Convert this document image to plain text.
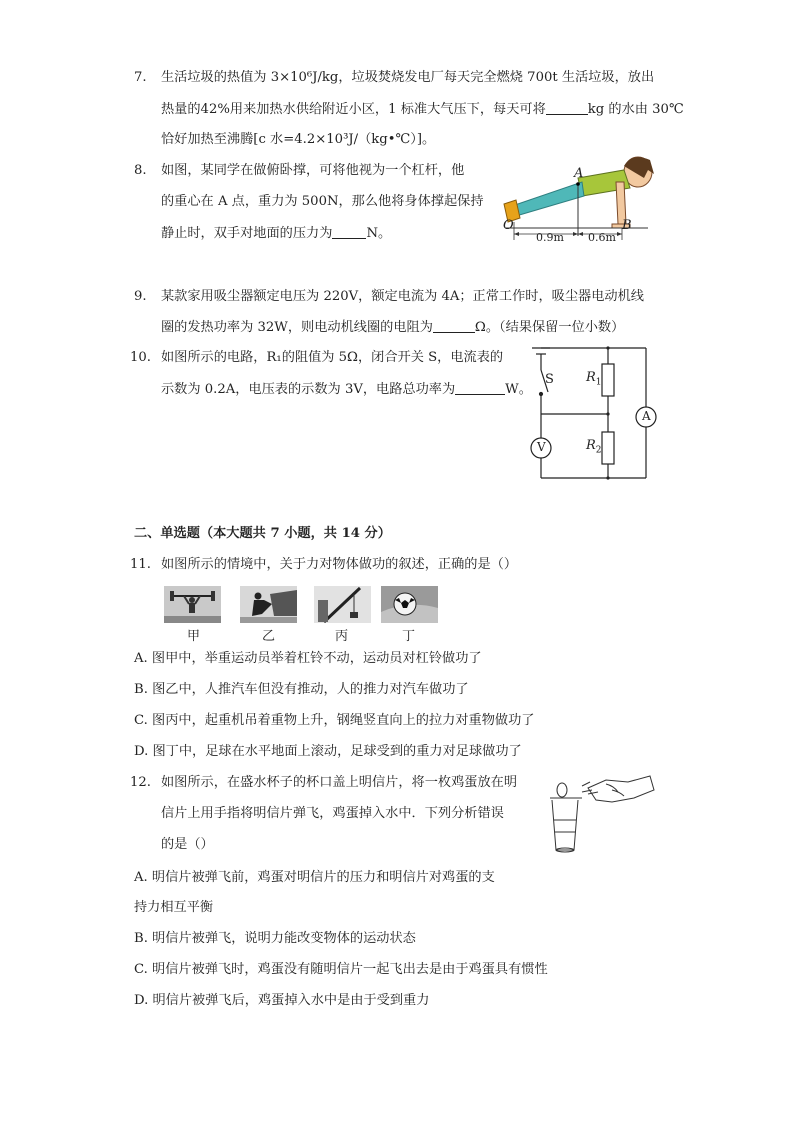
7. 生活垃圾的热值为 3×10⁶J/kg，垃圾焚烧发电厂每天完全燃烧 700t 生活垃圾，放出
热量的42%用来加热水供给附近小区，1 标准大气压下，每天可将	kg 的水由 30℃
恰好加热至沸腾[c 水=4.2×10³J/（kg•℃）]。
8. 如图，某同学在做俯卧撑，可将他视为一个杠杆，他
的重心在 A 点，重力为 500N，那么他将身体撑起保持
静止时，双手对地面的压力为	N。
O
A
B
0.9m 0.6m
9. 某款家用吸尘器额定电压为 220V，额定电流为 4A；正常工作时，吸尘器电动机线
圈的发热功率为 32W，则电动机线圈的电阻为	Ω。（结果保留一位小数）
10. 如图所示的电路，R₁的阻值为 5Ω，闭合开关 S，电流表的
示数为 0.2A，电压表的示数为 3V，电路总功率为	W。
S $R_1$
$R_2$
A
V
二、单选题（本大题共 7 小题，共 14 分）
11. 如图所示的情境中，关于力对物体做功的叙述，正确的是（）
甲	乙	丙	丁
A. 图甲中，举重运动员举着杠铃不动，运动员对杠铃做功了
B. 图乙中，人推汽车但没有推动，人的推力对汽车做功了
C. 图丙中，起重机吊着重物上升，钢绳竖直向上的拉力对重物做功了
D. 图丁中，足球在水平地面上滚动，足球受到的重力对足球做功了
12. 如图所示，在盛水杯子的杯口盖上明信片，将一枚鸡蛋放在明
信片上用手指将明信片弹飞，鸡蛋掉入水中．下列分析错误
的是（）
A. 明信片被弹飞前，鸡蛋对明信片的压力和明信片对鸡蛋的支
持力相互平衡
B. 明信片被弹飞，说明力能改变物体的运动状态
C. 明信片被弹飞时，鸡蛋没有随明信片一起飞出去是由于鸡蛋具有惯性
D. 明信片被弹飞后，鸡蛋掉入水中是由于受到重力
